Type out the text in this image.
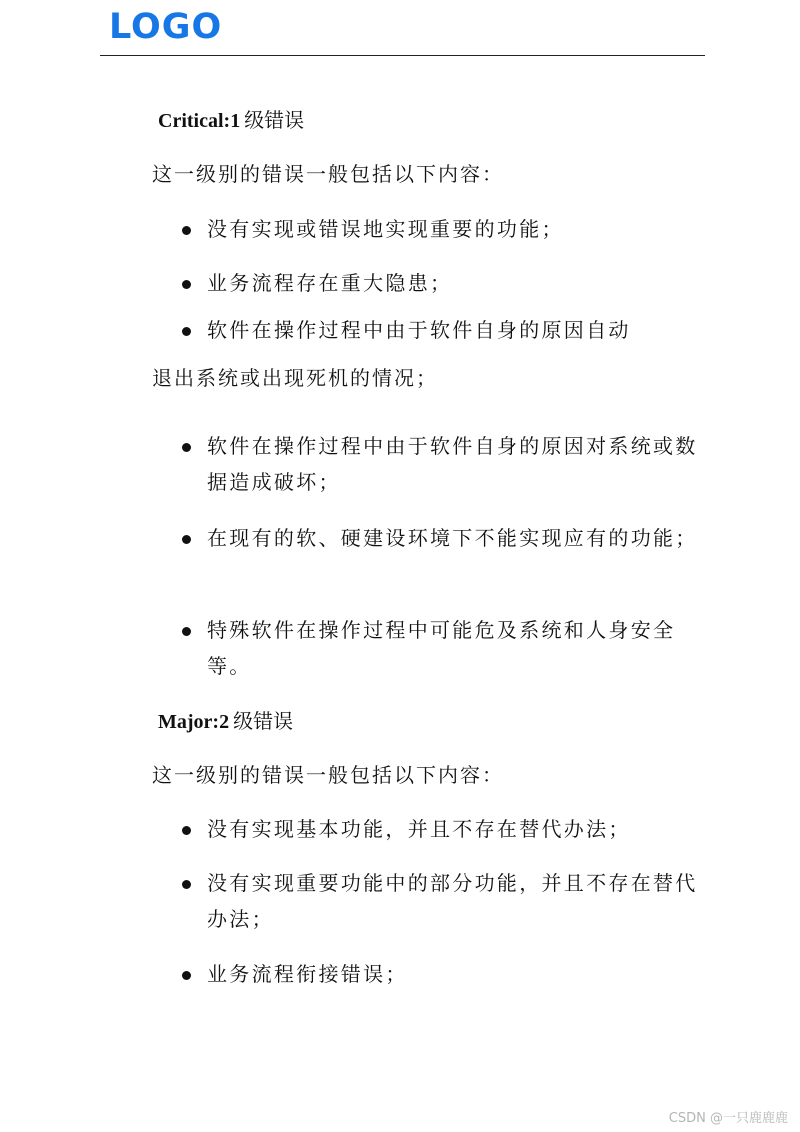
LOGO
Critical:1 级错误
这一级别的错误一般包括以下内容：
没有实现或错误地实现重要的功能；
业务流程存在重大隐患；
软件在操作过程中由于软件自身的原因自动
退出系统或出现死机的情况；
软件在操作过程中由于软件自身的原因对系统或数据造成破坏；
在现有的软、硬建设环境下不能实现应有的功能；
特殊软件在操作过程中可能危及系统和人身安全等。
Major:2 级错误
这一级别的错误一般包括以下内容：
没有实现基本功能，并且不存在替代办法；
没有实现重要功能中的部分功能，并且不存在替代办法；
业务流程衔接错误；
CSDN @一只鹿鹿鹿
